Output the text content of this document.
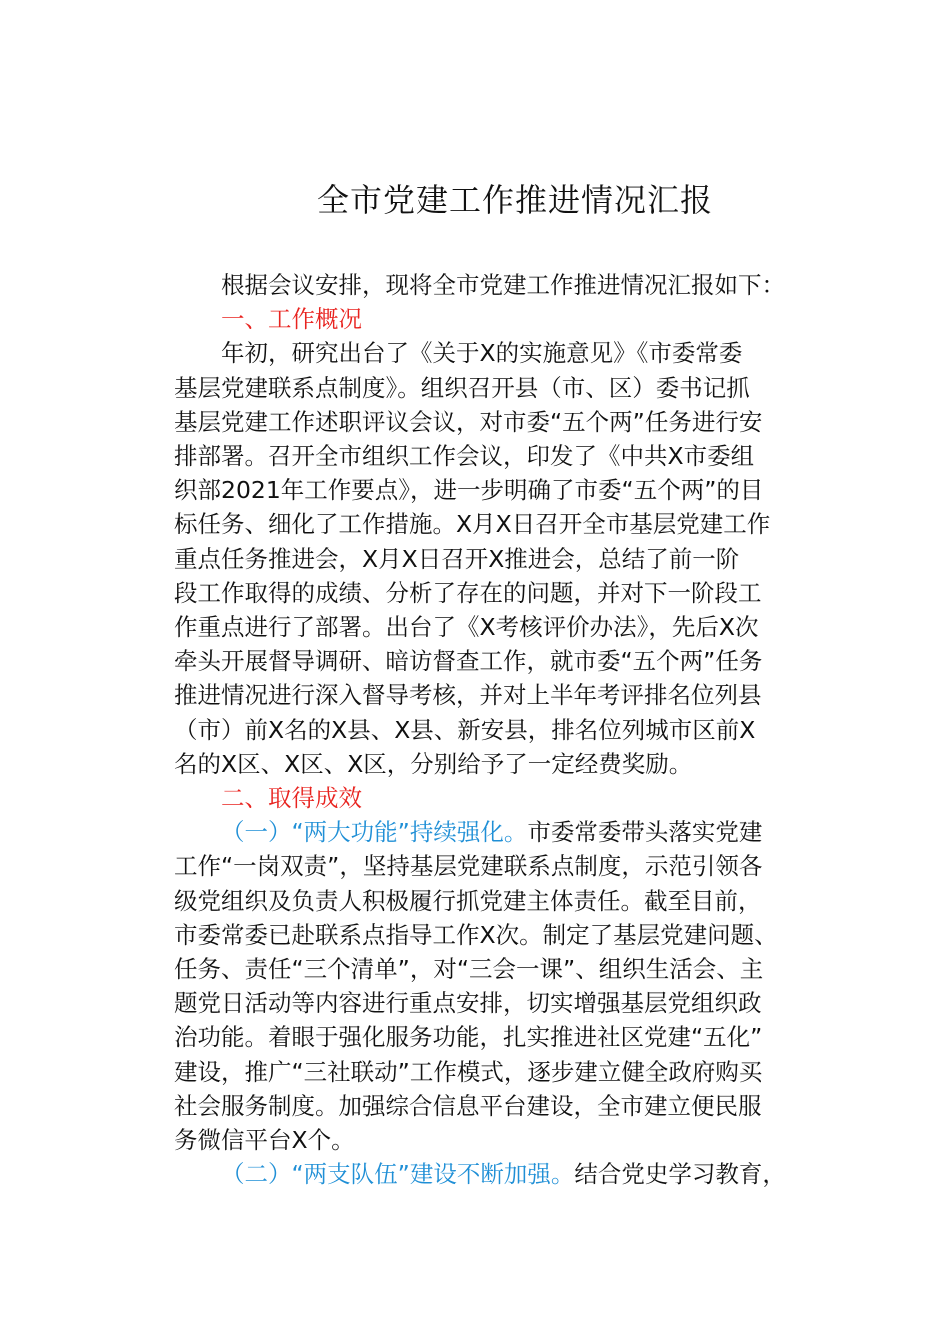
全市党建工作推进情况汇报
根据会议安排，现将全市党建工作推进情况汇报如下：
一、工作概况
年初，研究出台了《关于X的实施意见》《市委常委
基层党建联系点制度》。组织召开县（市、区）委书记抓
基层党建工作述职评议会议，对市委“五个两”任务进行安
排部署。召开全市组织工作会议，印发了《中共X市委组
织部2021年工作要点》，进一步明确了市委“五个两”的目
标任务、细化了工作措施。X月X日召开全市基层党建工作
重点任务推进会，X月X日召开X推进会，总结了前一阶
段工作取得的成绩、分析了存在的问题，并对下一阶段工
作重点进行了部署。出台了《X考核评价办法》，先后X次
牵头开展督导调研、暗访督查工作，就市委“五个两”任务
推进情况进行深入督导考核，并对上半年考评排名位列县
（市）前X名的X县、X县、新安县，排名位列城市区前X
名的X区、X区、X区，分别给予了一定经费奖励。
二、取得成效
（一）“两大功能”持续强化。市委常委带头落实党建
工作“一岗双责”，坚持基层党建联系点制度，示范引领各
级党组织及负责人积极履行抓党建主体责任。截至目前，
市委常委已赴联系点指导工作X次。制定了基层党建问题、
任务、责任“三个清单”，对“三会一课”、组织生活会、主
题党日活动等内容进行重点安排，切实增强基层党组织政
治功能。着眼于强化服务功能，扎实推进社区党建“五化”
建设，推广“三社联动”工作模式，逐步建立健全政府购买
社会服务制度。加强综合信息平台建设，全市建立便民服
务微信平台X个。
（二）“两支队伍”建设不断加强。结合党史学习教育，
